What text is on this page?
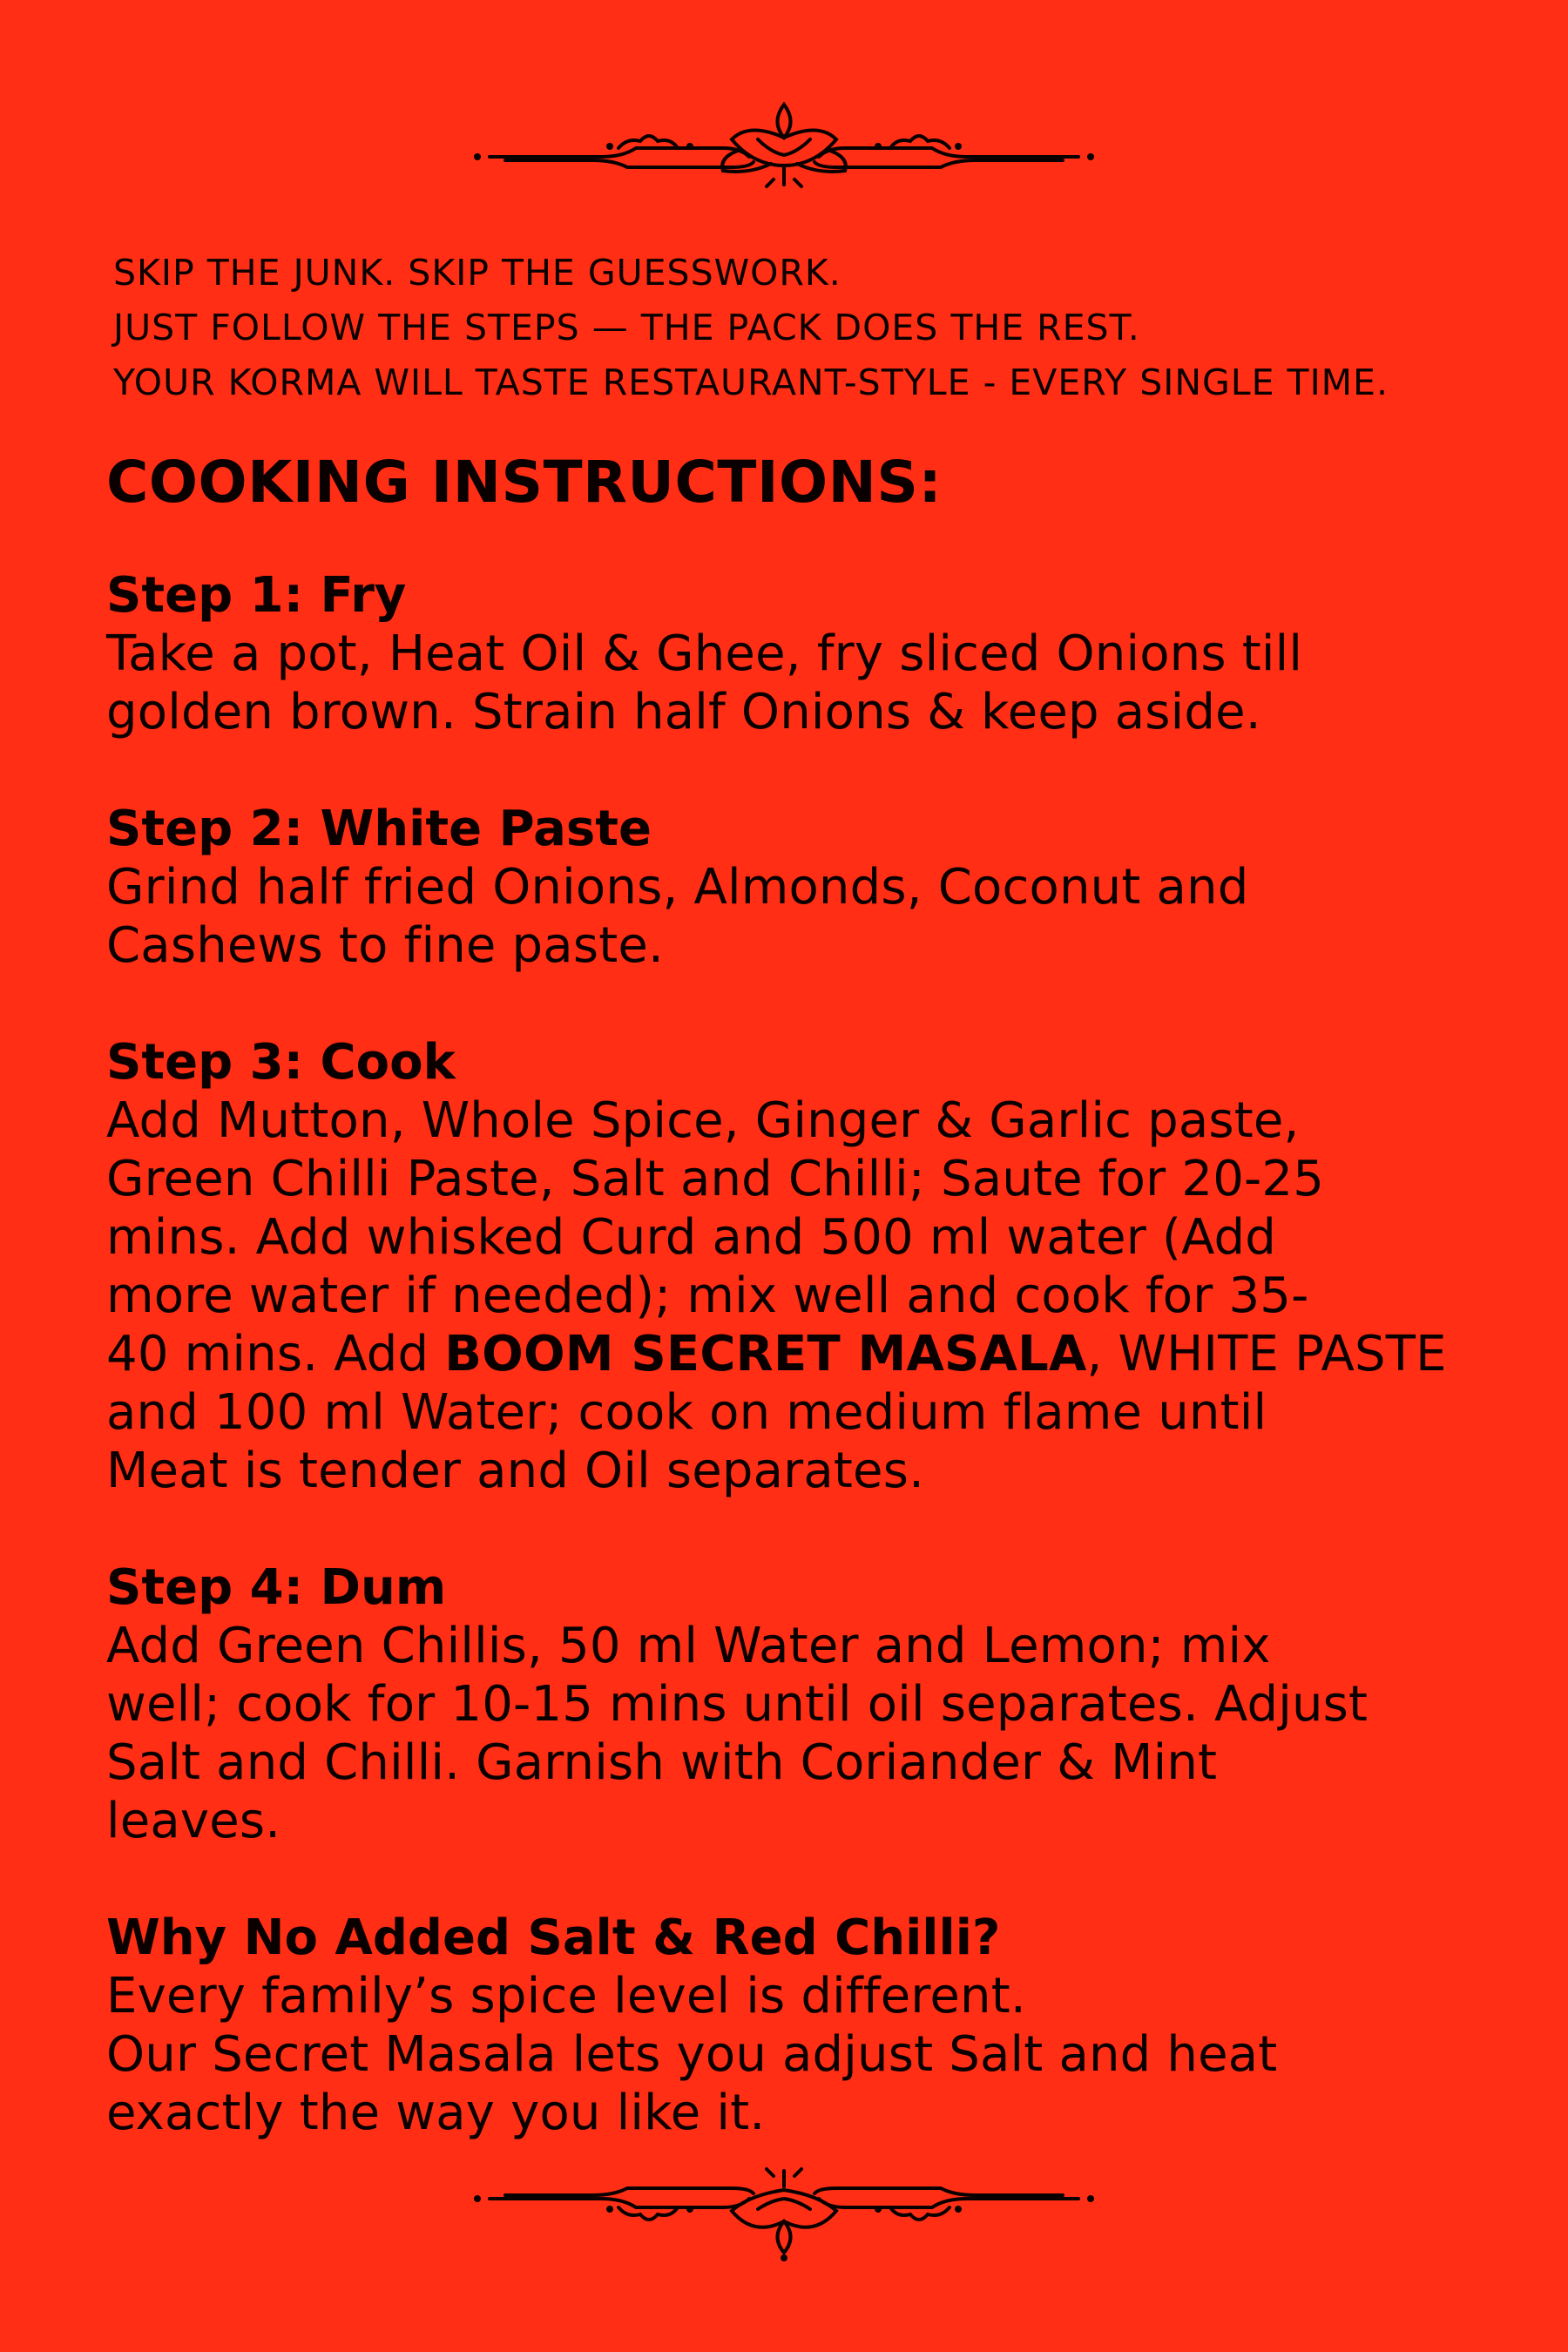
SKIP THE JUNK. SKIP THE GUESSWORK.
JUST FOLLOW THE STEPS — THE PACK DOES THE REST.
YOUR KORMA WILL TASTE RESTAURANT-STYLE - EVERY SINGLE TIME.
COOKING INSTRUCTIONS:
Step 1: Fry
Take a pot, Heat Oil & Ghee, fry sliced Onions till
golden brown. Strain half Onions & keep aside.
Step 2: White Paste
Grind half fried Onions, Almonds, Coconut and
Cashews to fine paste.
Step 3: Cook
Add Mutton, Whole Spice, Ginger & Garlic paste,
Green Chilli Paste, Salt and Chilli; Saute for 20-25
mins. Add whisked Curd and 500 ml water (Add
more water if needed); mix well and cook for 35-
40 mins. Add BOOM SECRET MASALA, WHITE PASTE
and 100 ml Water; cook on medium flame until
Meat is tender and Oil separates.
Step 4: Dum
Add Green Chillis, 50 ml Water and Lemon; mix
well; cook for 10-15 mins until oil separates. Adjust
Salt and Chilli. Garnish with Coriander & Mint
leaves.
Why No Added Salt & Red Chilli?
Every family’s spice level is different.
Our Secret Masala lets you adjust Salt and heat
exactly the way you like it.
